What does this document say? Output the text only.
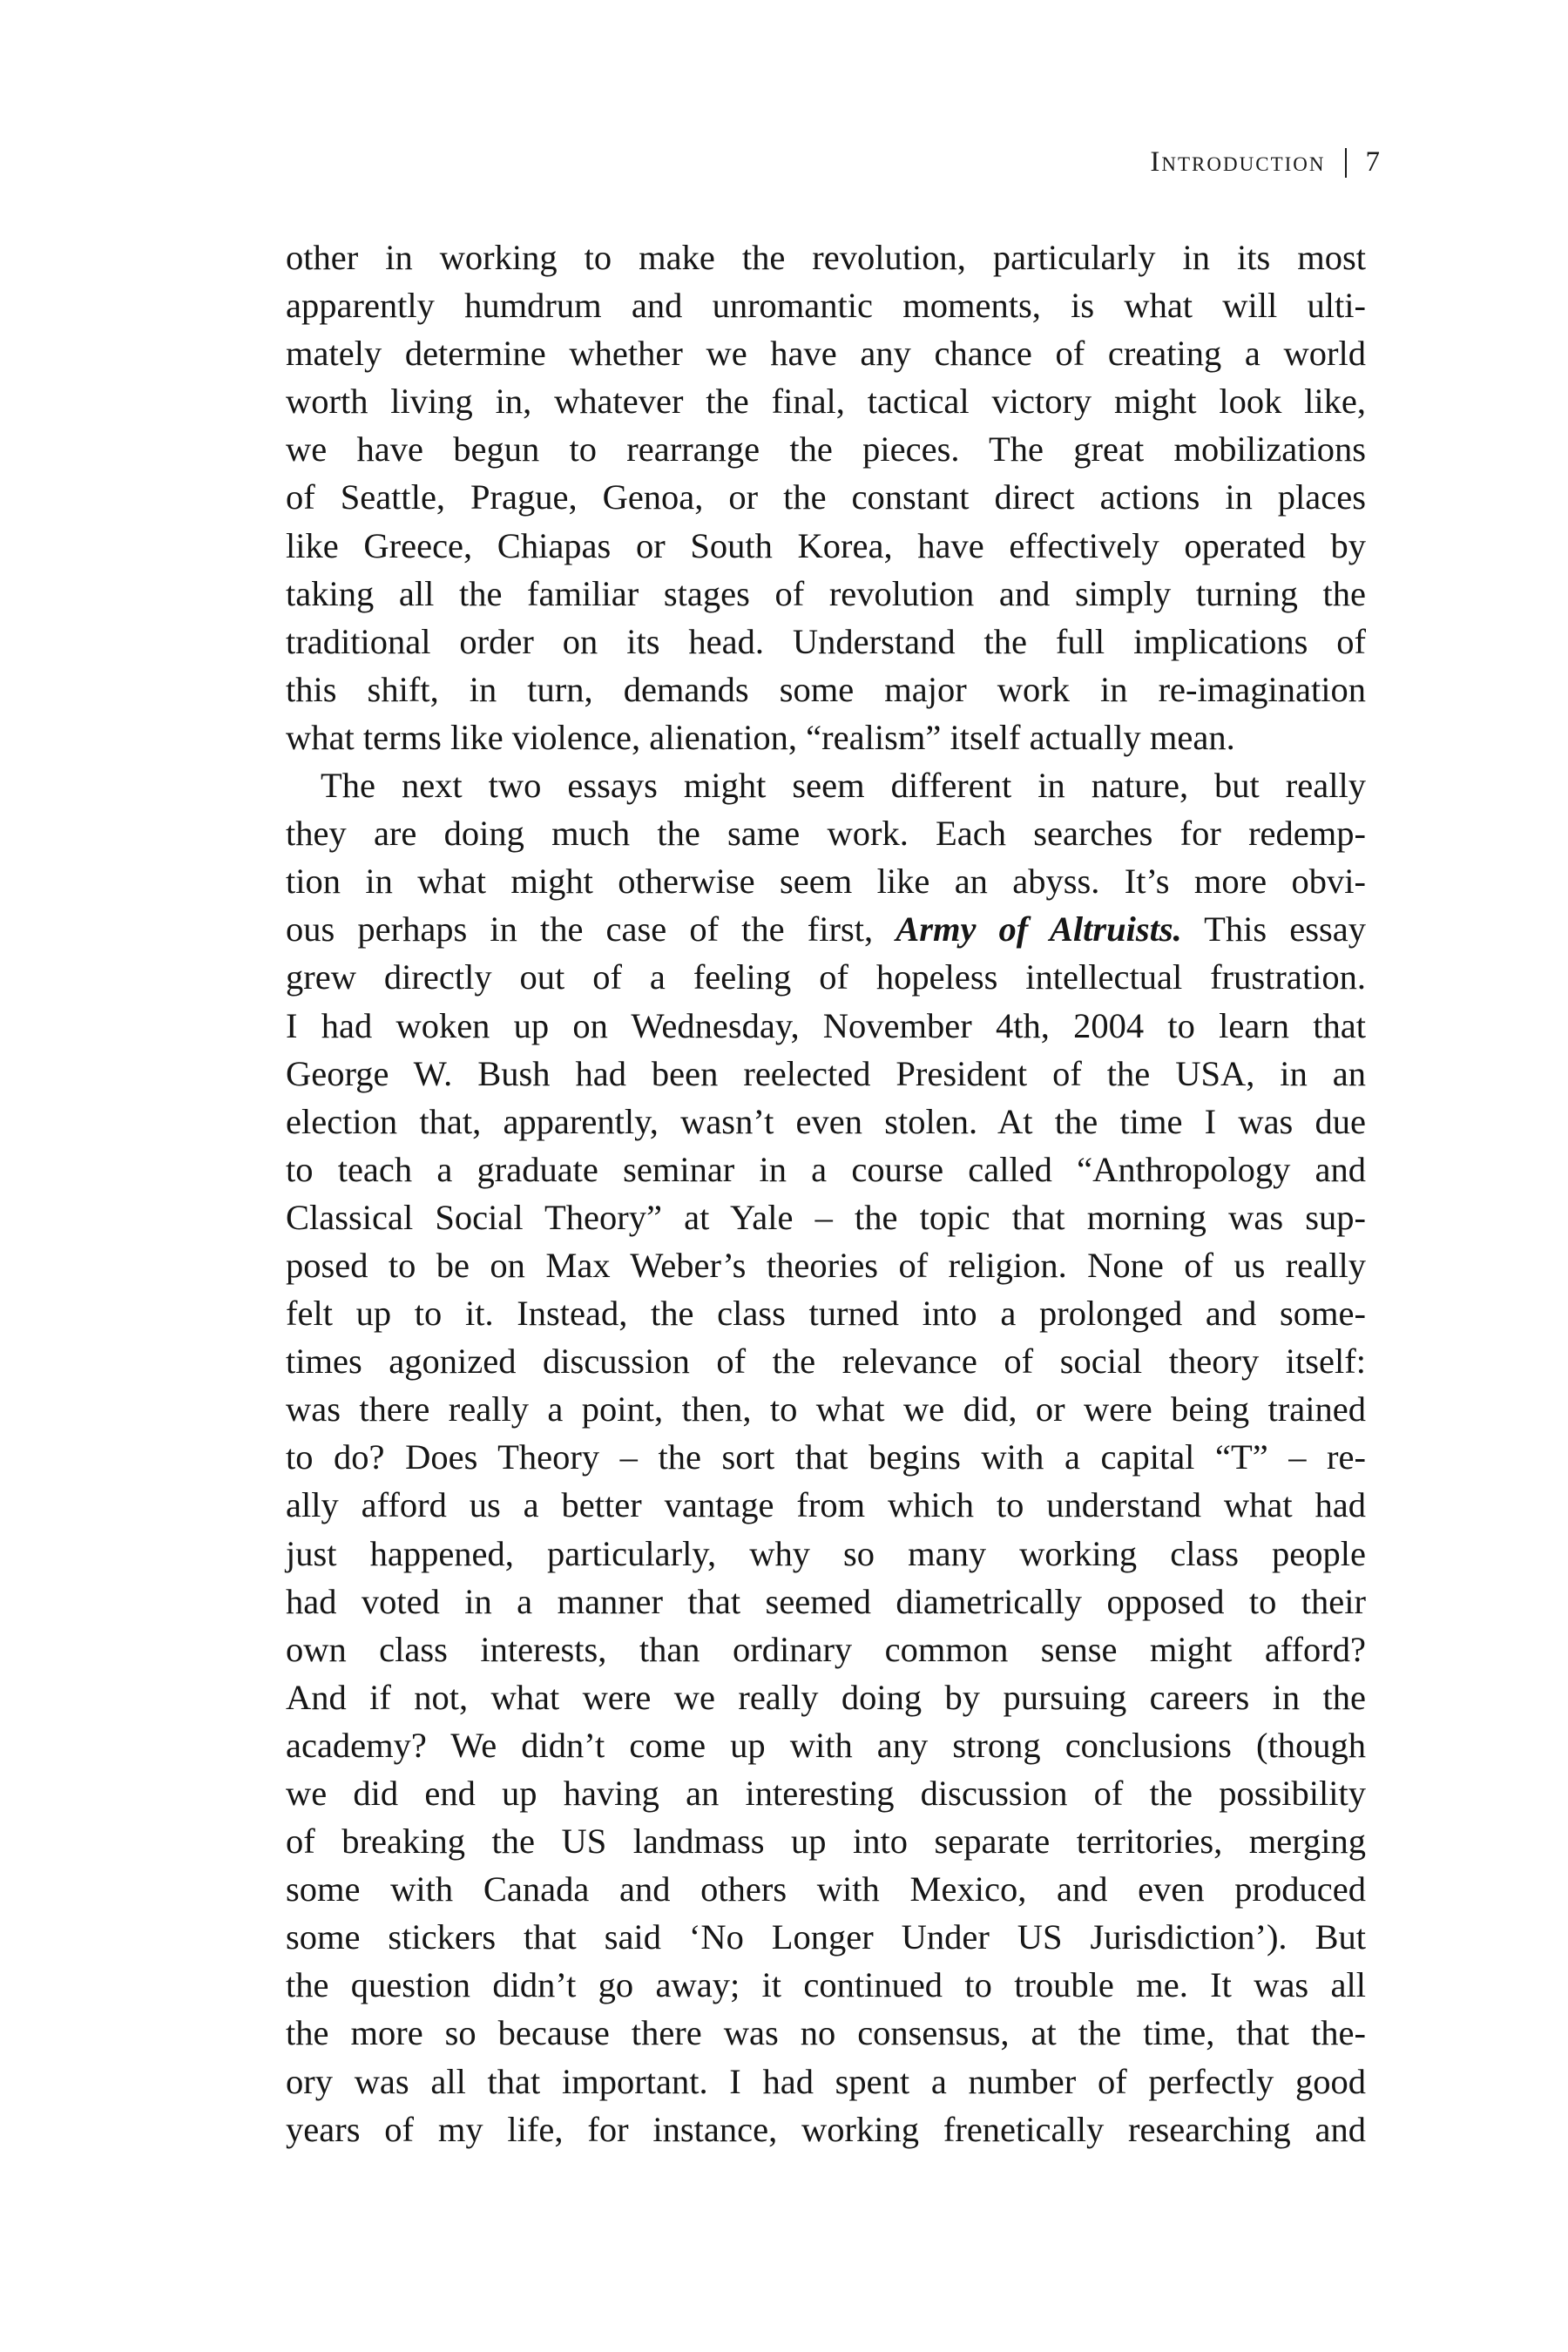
Introduction 7
other in working to make the revolution, particularly in its most
apparently humdrum and unromantic moments, is what will ulti-
mately determine whether we have any chance of creating a world
worth living in, whatever the final, tactical victory might look like,
we have begun to rearrange the pieces. The great mobilizations
of Seattle, Prague, Genoa, or the constant direct actions in places
like Greece, Chiapas or South Korea, have effectively operated by
taking all the familiar stages of revolution and simply turning the
traditional order on its head. Understand the full implications of
this shift, in turn, demands some major work in re-imagination
what terms like violence, alienation, “realism” itself actually mean.
The next two essays might seem different in nature, but really
they are doing much the same work. Each searches for redemp-
tion in what might otherwise seem like an abyss. It’s more obvi-
ous perhaps in the case of the first, Army of Altruists. This essay
grew directly out of a feeling of hopeless intellectual frustration.
I had woken up on Wednesday, November 4th, 2004 to learn that
George W. Bush had been reelected President of the USA, in an
election that, apparently, wasn’t even stolen. At the time I was due
to teach a graduate seminar in a course called “Anthropology and
Classical Social Theory” at Yale – the topic that morning was sup-
posed to be on Max Weber’s theories of religion. None of us really
felt up to it. Instead, the class turned into a prolonged and some-
times agonized discussion of the relevance of social theory itself:
was there really a point, then, to what we did, or were being trained
to do? Does Theory – the sort that begins with a capital “T” – re-
ally afford us a better vantage from which to understand what had
just happened, particularly, why so many working class people
had voted in a manner that seemed diametrically opposed to their
own class interests, than ordinary common sense might afford?
And if not, what were we really doing by pursuing careers in the
academy? We didn’t come up with any strong conclusions (though
we did end up having an interesting discussion of the possibility
of breaking the US landmass up into separate territories, merging
some with Canada and others with Mexico, and even produced
some stickers that said ‘No Longer Under US Jurisdiction’). But
the question didn’t go away; it continued to trouble me. It was all
the more so because there was no consensus, at the time, that the-
ory was all that important. I had spent a number of perfectly good
years of my life, for instance, working frenetically researching and
